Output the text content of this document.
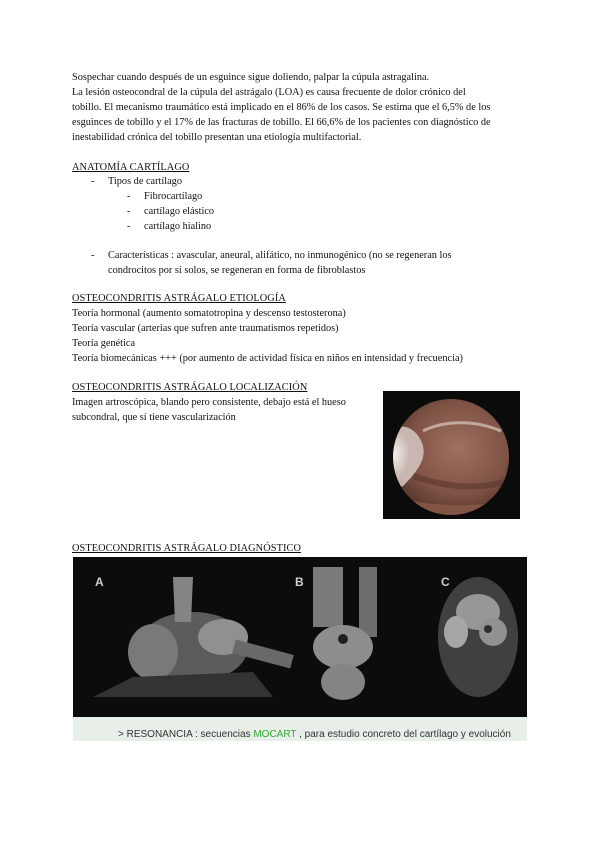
Sospechar cuando después de un esguince sigue doliendo, palpar la cúpula astragalina.
La lesión osteocondral de la cúpula del astrágalo (LOA) es causa frecuente de dolor crónico del
tobillo. El mecanismo traumático está implicado en el 86% de los casos. Se estima que el 6,5% de los
esguinces de tobillo y el 17% de las fracturas de tobillo. El 66,6% de los pacientes con diagnóstico de
inestabilidad crónica del tobillo presentan una etiología multifactorial.
ANATOMÍA CARTÍLAGO
- Tipos de cartílago
- Fibrocartílago
- cartílago elástico
- cartílago hialino
- Características : avascular, aneural, alifático, no inmunogénico (no se regeneran los
condrocitos por sí solos, se regeneran en forma de fibroblastos
OSTEOCONDRITIS ASTRÁGALO ETIOLOGÍA
Teoría hormonal (aumento somatotropina y descenso testosterona)
Teoría vascular (arterias que sufren ante traumatismos repetidos)
Teoría genética
Teoría biomecánicas +++ (por aumento de actividad física en niños en intensidad y frecuencia)
OSTEOCONDRITIS ASTRÁGALO LOCALIZACIÓN
Imagen artroscópica, blando pero consistente, debajo está el hueso
subcondral, que sí tiene vascularización
OSTEOCONDRITIS ASTRÁGALO DIAGNÓSTICO
A	B	C
> RESONANCIA : secuencias MOCART , para estudio concreto del cartílago y evolución
